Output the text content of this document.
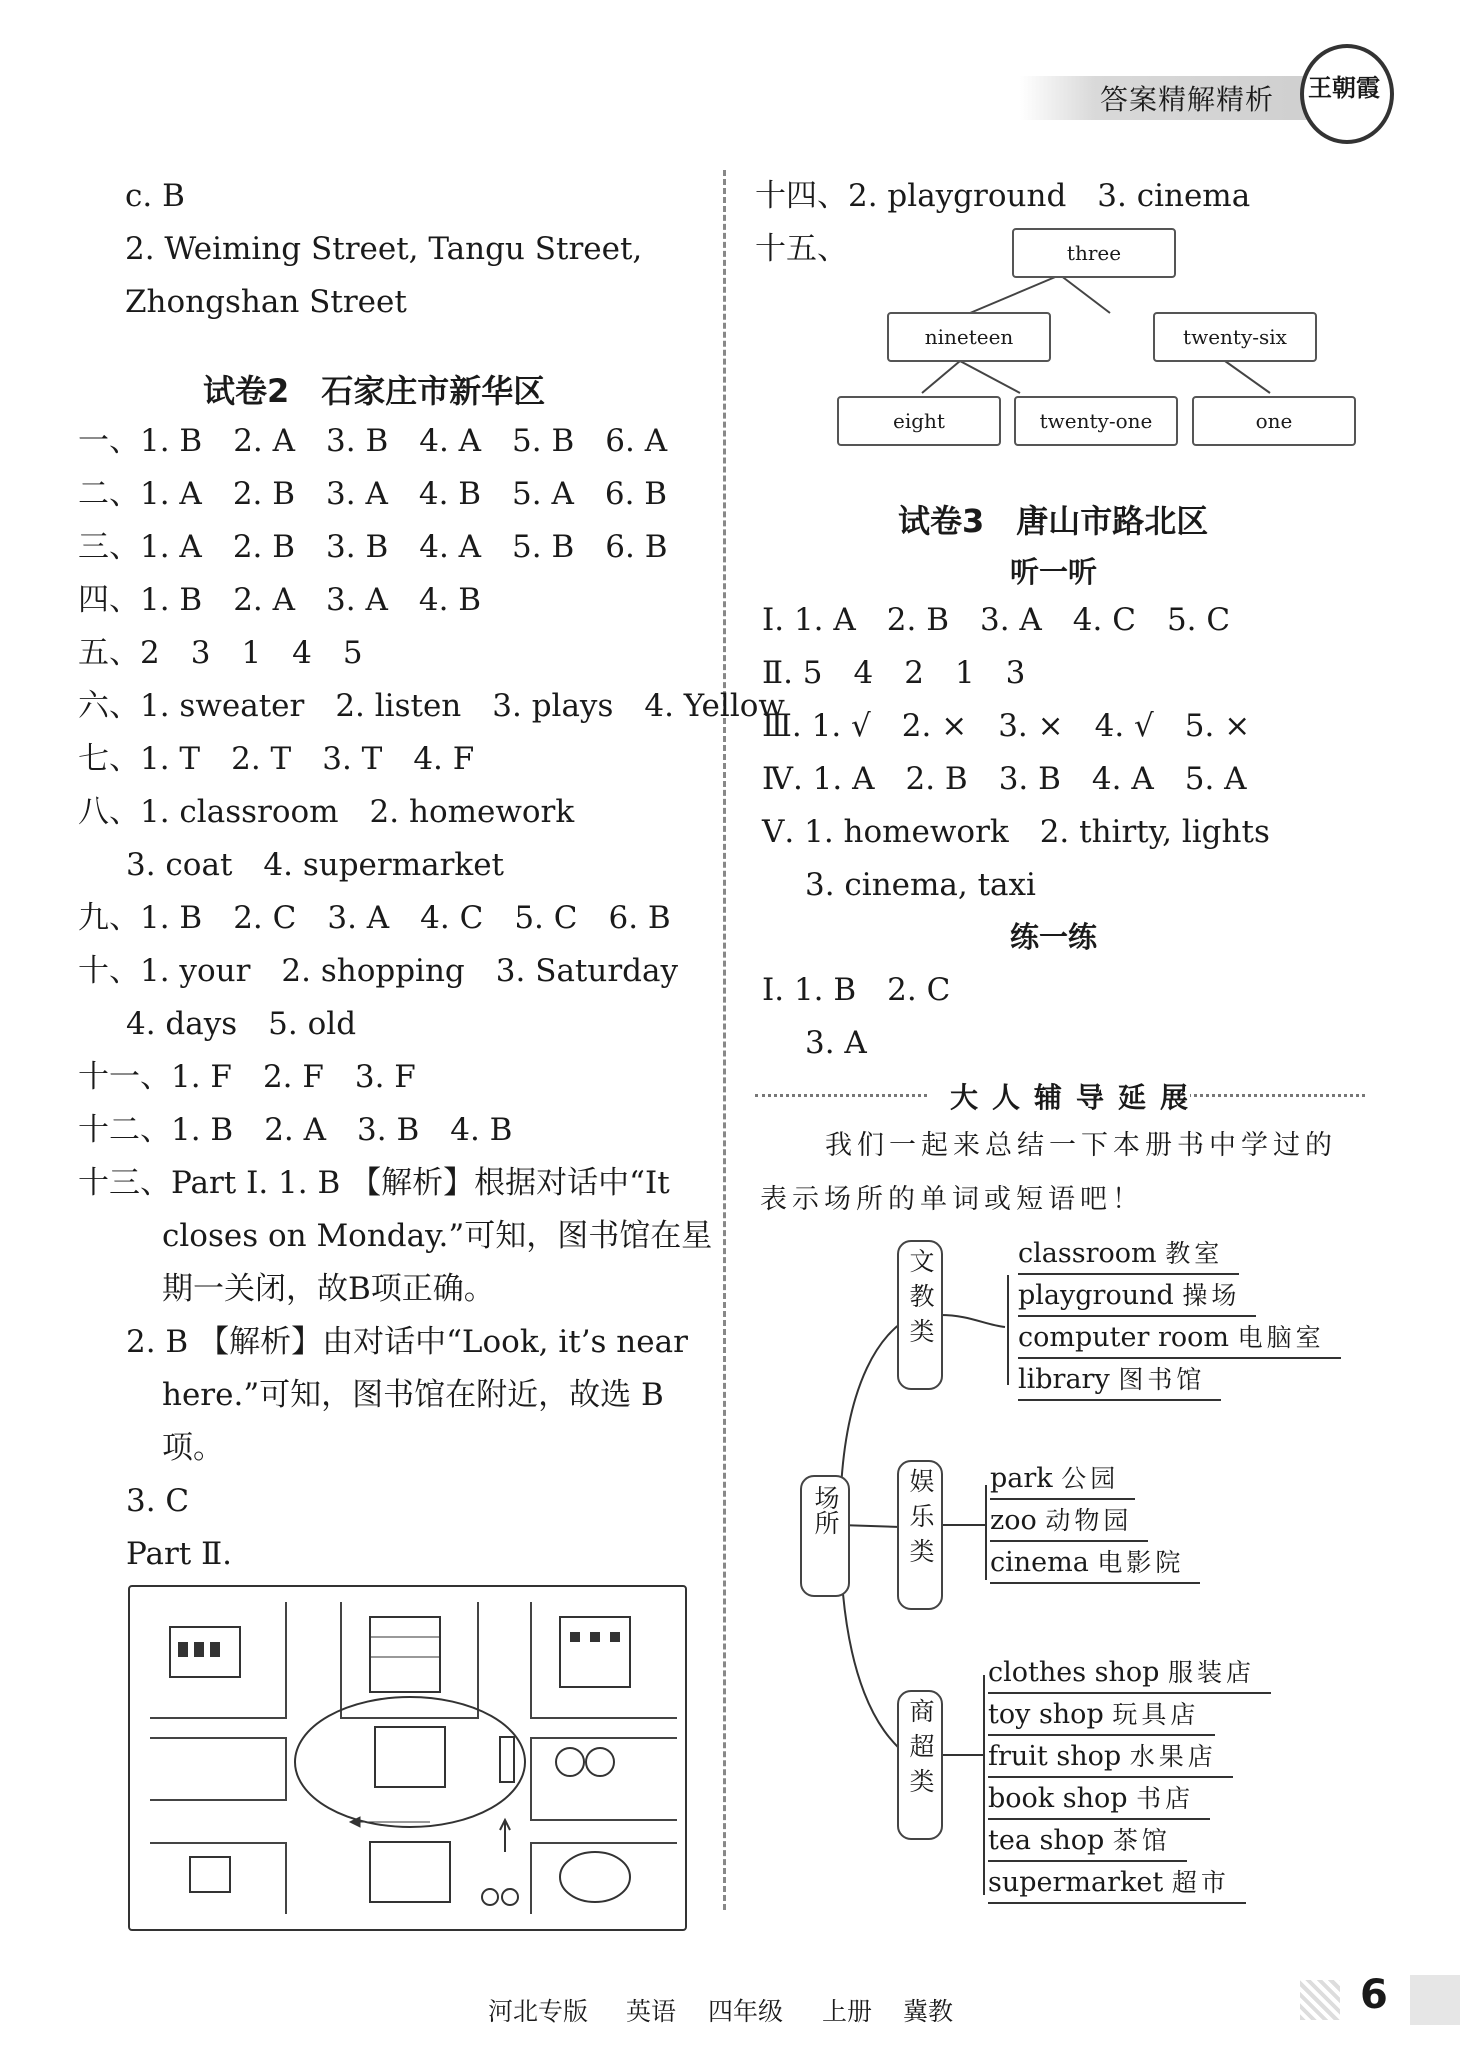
答案精解精析 王朝霞
c. B
2. Weiming Street, Tangu Street,
Zhongshan Street
试卷2　石家庄市新华区
一、1. B　2. A　3. B　4. A　5. B　6. A
二、1. A　2. B　3. A　4. B　5. A　6. B
三、1. A　2. B　3. B　4. A　5. B　6. B
四、1. B　2. A　3. A　4. B
五、2　3　1　4　5
六、1. sweater　2. listen　3. plays　4. Yellow
七、1. T　2. T　3. T　4. F
八、1. classroom　2. homework
3. coat　4. supermarket
九、1. B　2. C　3. A　4. C　5. C　6. B
十、1. your　2. shopping　3. Saturday
4. days　5. old
十一、1. F　2. F　3. F
十二、1. B　2. A　3. B　4. B
十三、Part Ⅰ. 1. B 【解析】根据对话中“It
closes on Monday.”可知，图书馆在星
期一关闭，故B项正确。
2. B 【解析】由对话中“Look, it’s near
here.”可知，图书馆在附近，故选 B
项。
3. C
Part Ⅱ.
十四、2. playground　3. cinema
十五、	three
nineteen	twenty-six
eight	twenty-one	one
试卷3　唐山市路北区
听一听
Ⅰ. 1. A　2. B　3. A　4. C　5. C
Ⅱ. 5　4　2　1　3
Ⅲ. 1. √　2. ×　3. ×　4. √　5. ×
Ⅳ. 1. A　2. B　3. B　4. A　5. A
Ⅴ. 1. homework　2. thirty, lights
3. cinema, taxi
练一练
Ⅰ. 1. B　2. C
3. A
大人辅导延展
我们一起来总结一下本册书中学过的
表示场所的单词或短语吧！
场所
文教类
娱乐类
商超类
classroom 教室
playground 操场
computer room 电脑室
library 图书馆
park 公园
zoo 动物园
cinema 电影院
clothes shop 服装店
toy shop 玩具店
fruit shop 水果店
book shop 书店
tea shop 茶馆
supermarket 超市
河北专版 英语 四年级 上册 冀教	6
